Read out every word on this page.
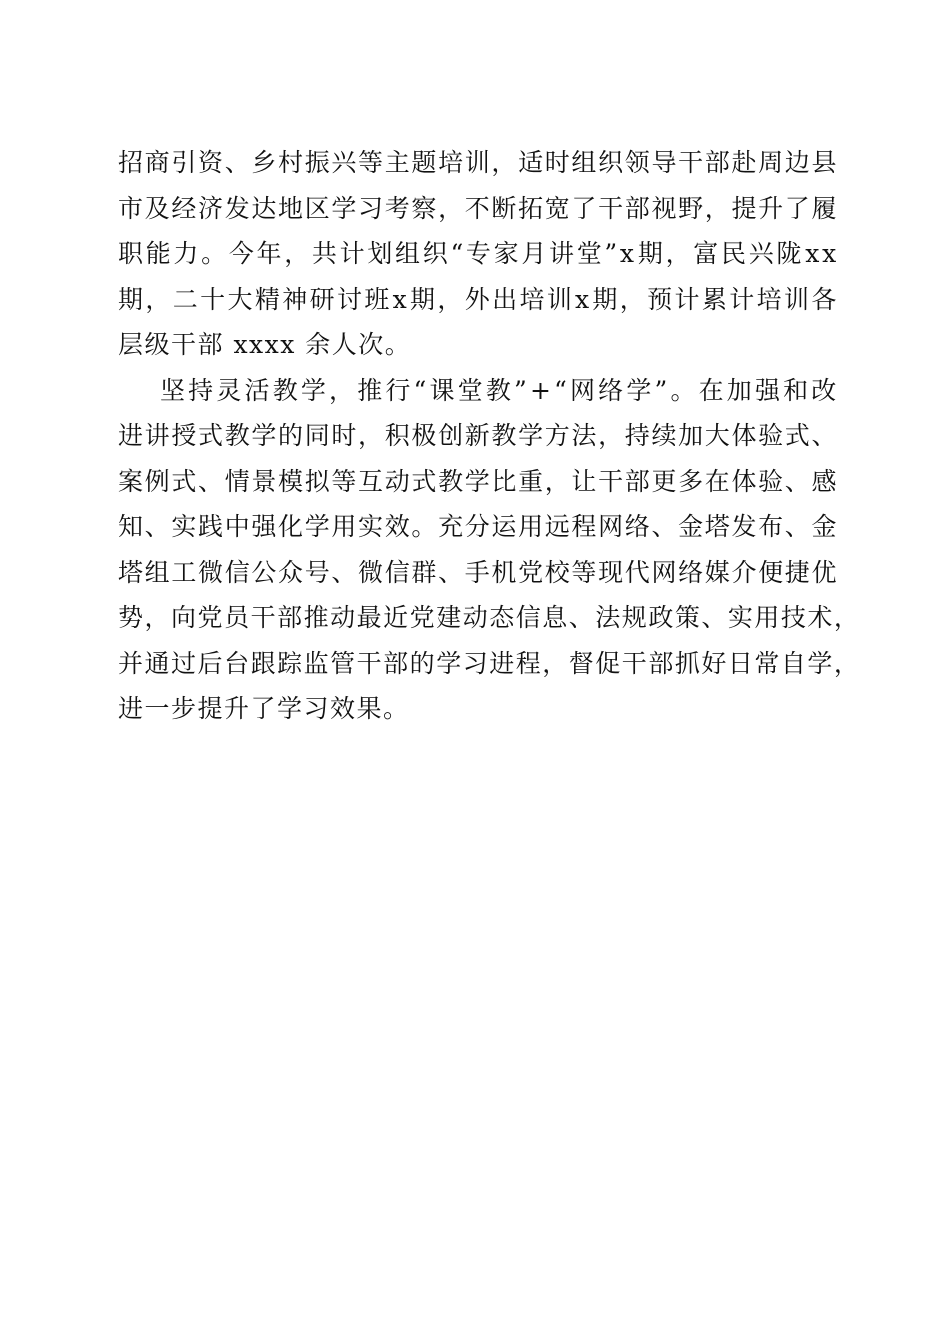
招 商 引 资 、 乡 村 振 兴 等 主 题 培 训 ， 适 时 组 织 领 导 干 部 赴 周 边 县
市 及 经 济 发 达 地 区 学 习 考 察 ， 不 断 拓 宽 了 干 部 视 野 ， 提 升 了 履
职 能 力 。 今 年 ， 共 计 划 组 织 “ 专 家 月 讲 堂 ” x 期 ， 富 民 兴 陇 x x
期 ， 二 十 大 精 神 研 讨 班 x 期 ， 外 出 培 训 x 期 ， 预 计 累 计 培 训 各
层级干部 xxxx 余人次。
坚 持 灵 活 教 学 ， 推 行 “ 课 堂 教 ” + “ 网 络 学 ” 。 在 加 强 和 改
进 讲 授 式 教 学 的 同 时 ， 积 极 创 新 教 学 方 法 ， 持 续 加 大 体 验 式 、
案 例 式 、 情 景 模 拟 等 互 动 式 教 学 比 重 ， 让 干 部 更 多 在 体 验 、 感
知 、 实 践 中 强 化 学 用 实 效 。 充 分 运 用 远 程 网 络 、 金 塔 发 布 、 金
塔 组 工 微 信 公 众 号 、 微 信 群 、 手 机 党 校 等 现 代 网 络 媒 介 便 捷 优
势 ， 向 党 员 干 部 推 动 最 近 党 建 动 态 信 息 、 法 规 政 策 、 实 用 技 术 ，
并 通 过 后 台 跟 踪 监 管 干 部 的 学 习 进 程 ， 督 促 干 部 抓 好 日 常 自 学 ，
进一步提升了学习效果。
